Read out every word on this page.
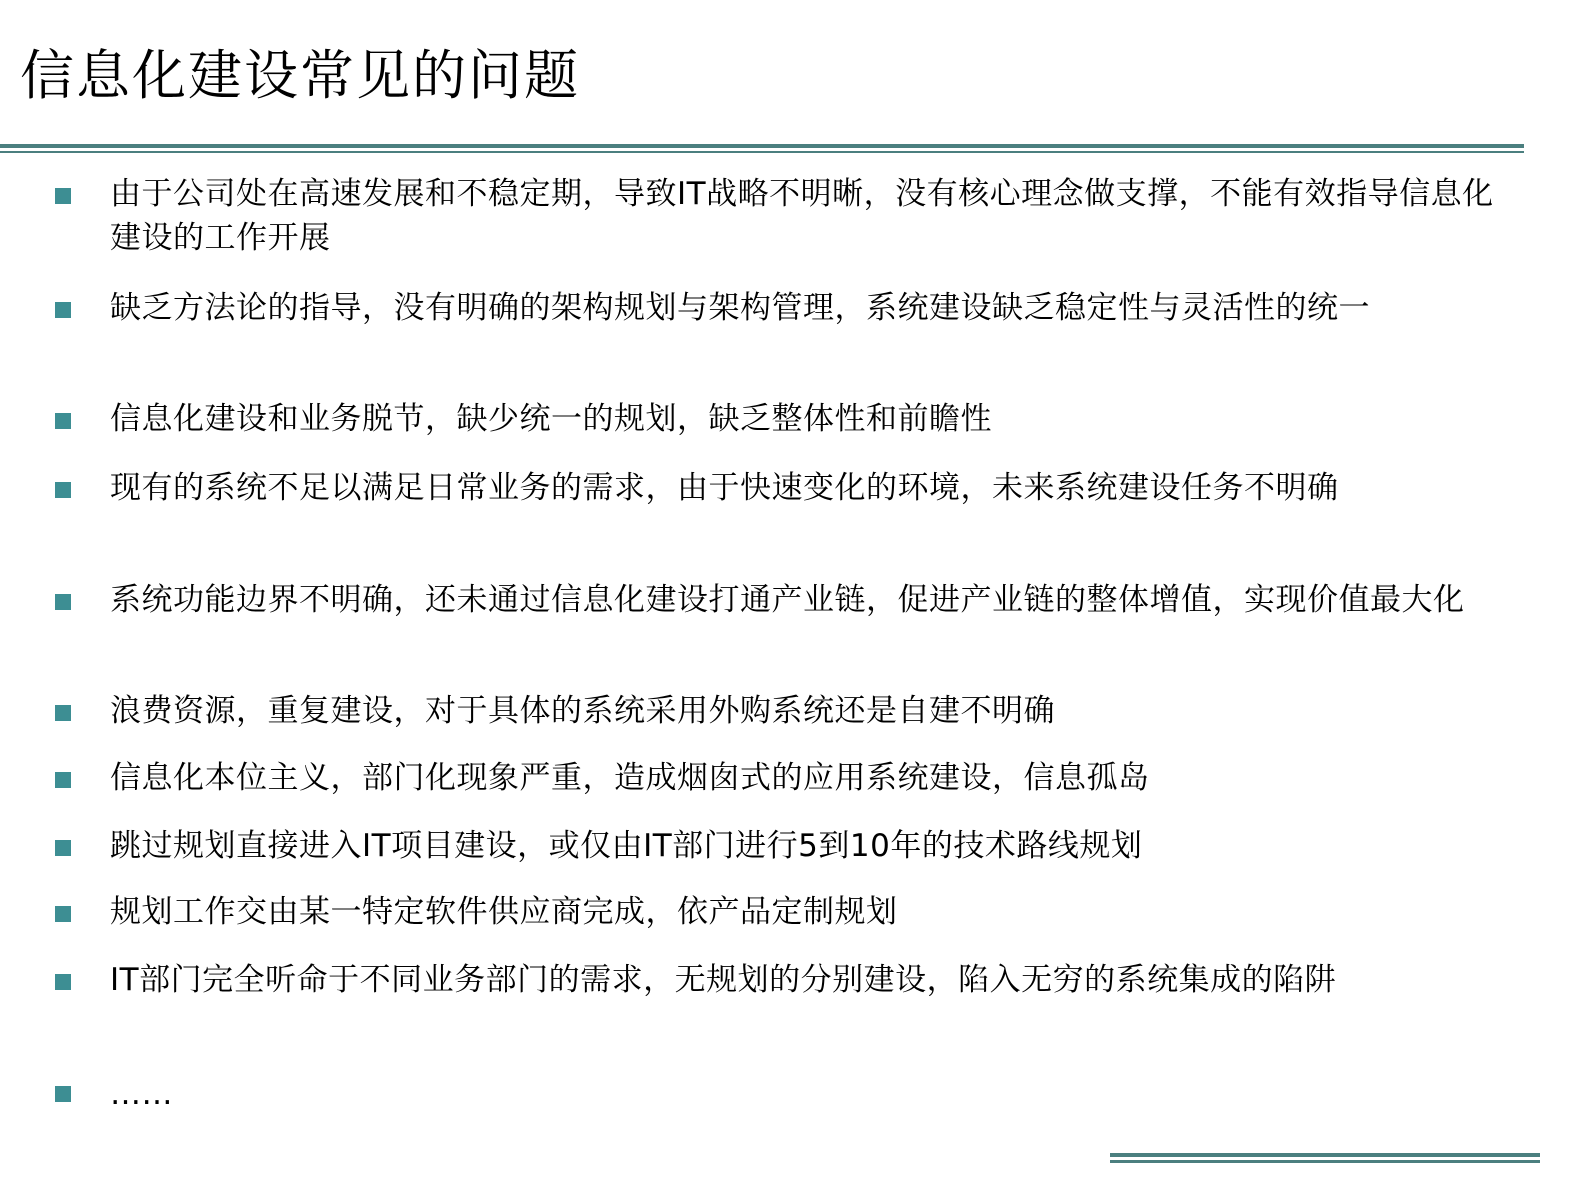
信息化建设常见的问题
由于公司处在高速发展和不稳定期，导致IT战略不明晰，没有核心理念做支撑，不能有效指导信息化建设的工作开展
缺乏方法论的指导，没有明确的架构规划与架构管理，系统建设缺乏稳定性与灵活性的统一
信息化建设和业务脱节，缺少统一的规划，缺乏整体性和前瞻性
现有的系统不足以满足日常业务的需求，由于快速变化的环境，未来系统建设任务不明确
系统功能边界不明确，还未通过信息化建设打通产业链，促进产业链的整体增值，实现价值最大化
浪费资源，重复建设，对于具体的系统采用外购系统还是自建不明确
信息化本位主义，部门化现象严重，造成烟囱式的应用系统建设，信息孤岛
跳过规划直接进入IT项目建设，或仅由IT部门进行5到10年的技术路线规划
规划工作交由某一特定软件供应商完成，依产品定制规划
IT部门完全听命于不同业务部门的需求，无规划的分别建设，陷入无穷的系统集成的陷阱
……
